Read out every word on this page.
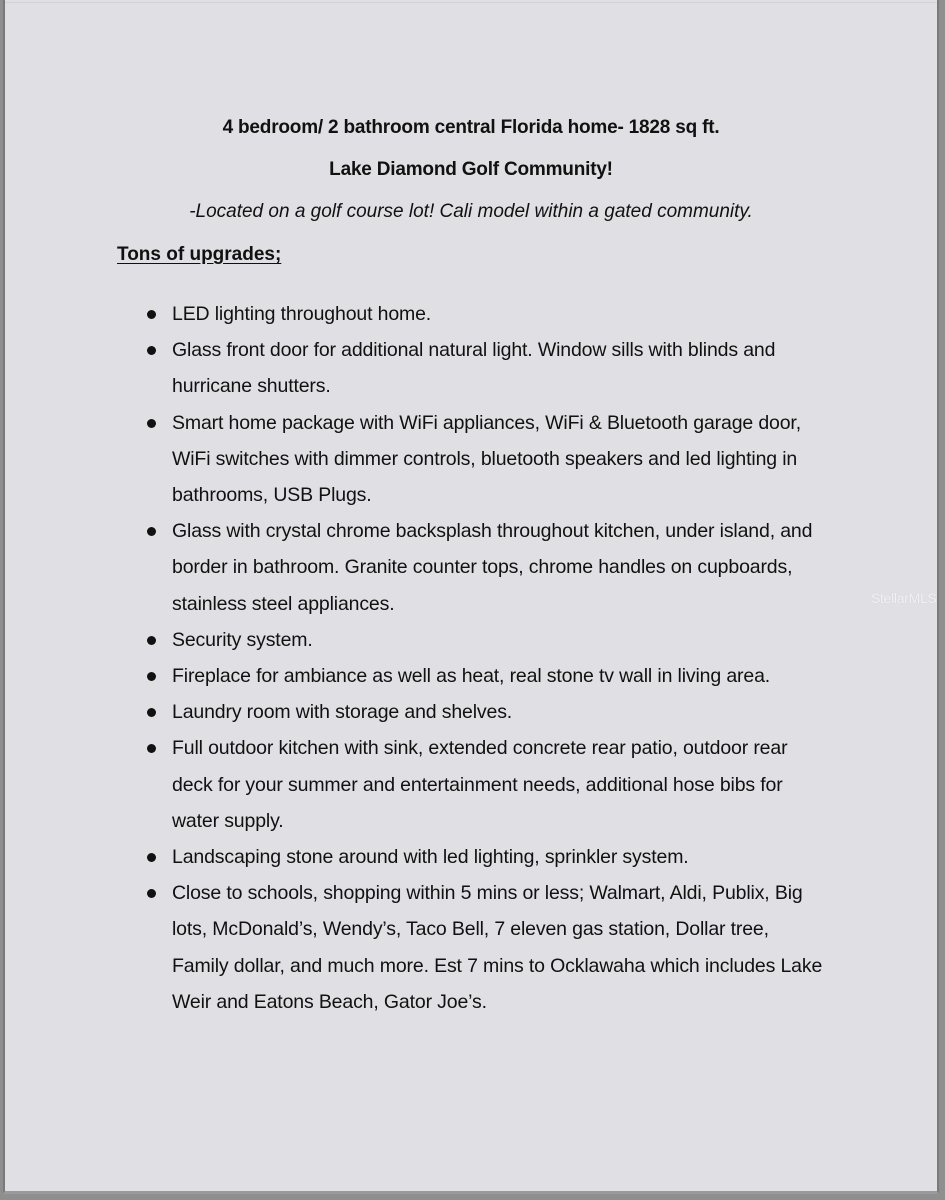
4 bedroom/ 2 bathroom central Florida home- 1828 sq ft.
Lake Diamond Golf Community!
-Located on a golf course lot! Cali model within a gated community.
Tons of upgrades;
LED lighting throughout home.
Glass front door for additional natural light. Window sills with blinds and hurricane shutters.
Smart home package with WiFi appliances, WiFi & Bluetooth garage door, WiFi switches with dimmer controls, bluetooth speakers and led lighting in bathrooms, USB Plugs.
Glass with crystal chrome backsplash throughout kitchen, under island, and border in bathroom. Granite counter tops, chrome handles on cupboards, stainless steel appliances.
Security system.
Fireplace for ambiance as well as heat, real stone tv wall in living area.
Laundry room with storage and shelves.
Full outdoor kitchen with sink, extended concrete rear patio, outdoor rear deck for your summer and entertainment needs, additional hose bibs for water supply.
Landscaping stone around with led lighting, sprinkler system.
Close to schools, shopping within 5 mins or less; Walmart, Aldi, Publix, Big lots, McDonald’s, Wendy’s, Taco Bell, 7 eleven gas station, Dollar tree, Family dollar, and much more. Est 7 mins to Ocklawaha which includes Lake Weir and Eatons Beach, Gator Joe’s.
StellarMLS
